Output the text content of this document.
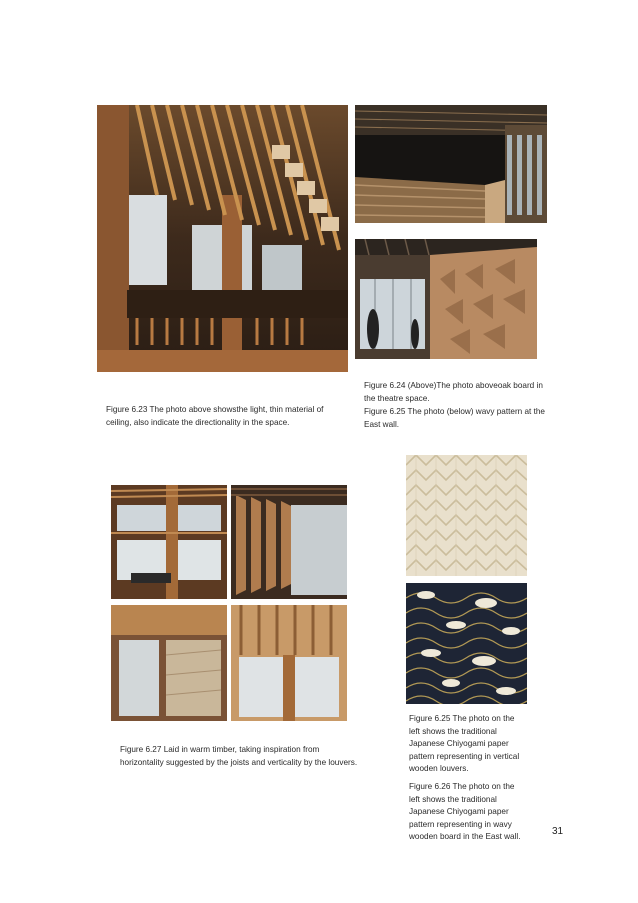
Figure 6.24 (Above)The photo aboveoak board in the theatre space.
Figure 6.23 The photo above showsthe light, thin material of ceiling, also indicate the directionality in the space.
Figure 6.25 The photo (below) wavy pattern at the East wall.
Figure 6.25 The photo on the left shows the traditional Japanese Chiyogami paper pattern representing in vertical wooden louvers.
Figure 6.27 Laid in warm timber, taking inspiration from horizontality suggested by the joists and verticality by the louvers.
Figure 6.26 The photo on the left shows the traditional Japanese Chiyogami paper pattern representing in wavy wooden board in the East wall.	31
